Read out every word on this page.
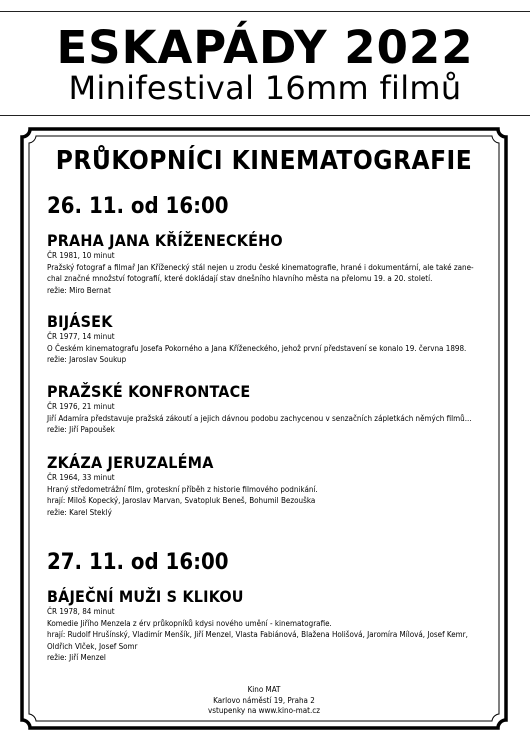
ESKAPÁDY 2022
Minifestival 16mm filmů
PRŮKOPNÍCI KINEMATOGRAFIE
26. 11. od 16:00
PRAHA JANA KŘÍŽENECKÉHO
ČR 1981, 10 minut
Pražský fotograf a filmař Jan Kříženecký stál nejen u zrodu české kinematografie, hrané i dokumentární, ale také zane-
chal značné množství fotografií, které dokládají stav dnešního hlavního města na přelomu 19. a 20. století.
režie: Miro Bernat
BIJÁSEK
ČR 1977, 14 minut
O Českém kinematografu Josefa Pokorného a Jana Kříženeckého, jehož první představení se konalo 19. června 1898.
režie: Jaroslav Soukup
PRAŽSKÉ KONFRONTACE
ČR 1976, 21 minut
Jiří Adamíra představuje pražská zákoutí a jejich dávnou podobu zachycenou v senzačních zápletkách němých filmů...
režie: Jiří Papoušek
ZKÁZA JERUZALÉMA
ČR 1964, 33 minut
Hraný středometrážní film, groteskní příběh z historie filmového podnikání.
hrají: Miloš Kopecký, Jaroslav Marvan, Svatopluk Beneš, Bohumil Bezouška
režie: Karel Steklý
27. 11. od 16:00
BÁJEČNÍ MUŽI S KLIKOU
ČR 1978, 84 minut
Komedie Jiřího Menzela z érv průkopníků kdysi nového umění - kinematografie.
hrají: Rudolf Hrušínský, Vladimír Menšík, Jiří Menzel, Vlasta Fabiánová, Blažena Holišová, Jaromíra Mílová, Josef Kemr,
Oldřich Vlček, Josef Somr
režie: Jiří Menzel
Kino MAT
Karlovo náměstí 19, Praha 2
vstupenky na www.kino-mat.cz
